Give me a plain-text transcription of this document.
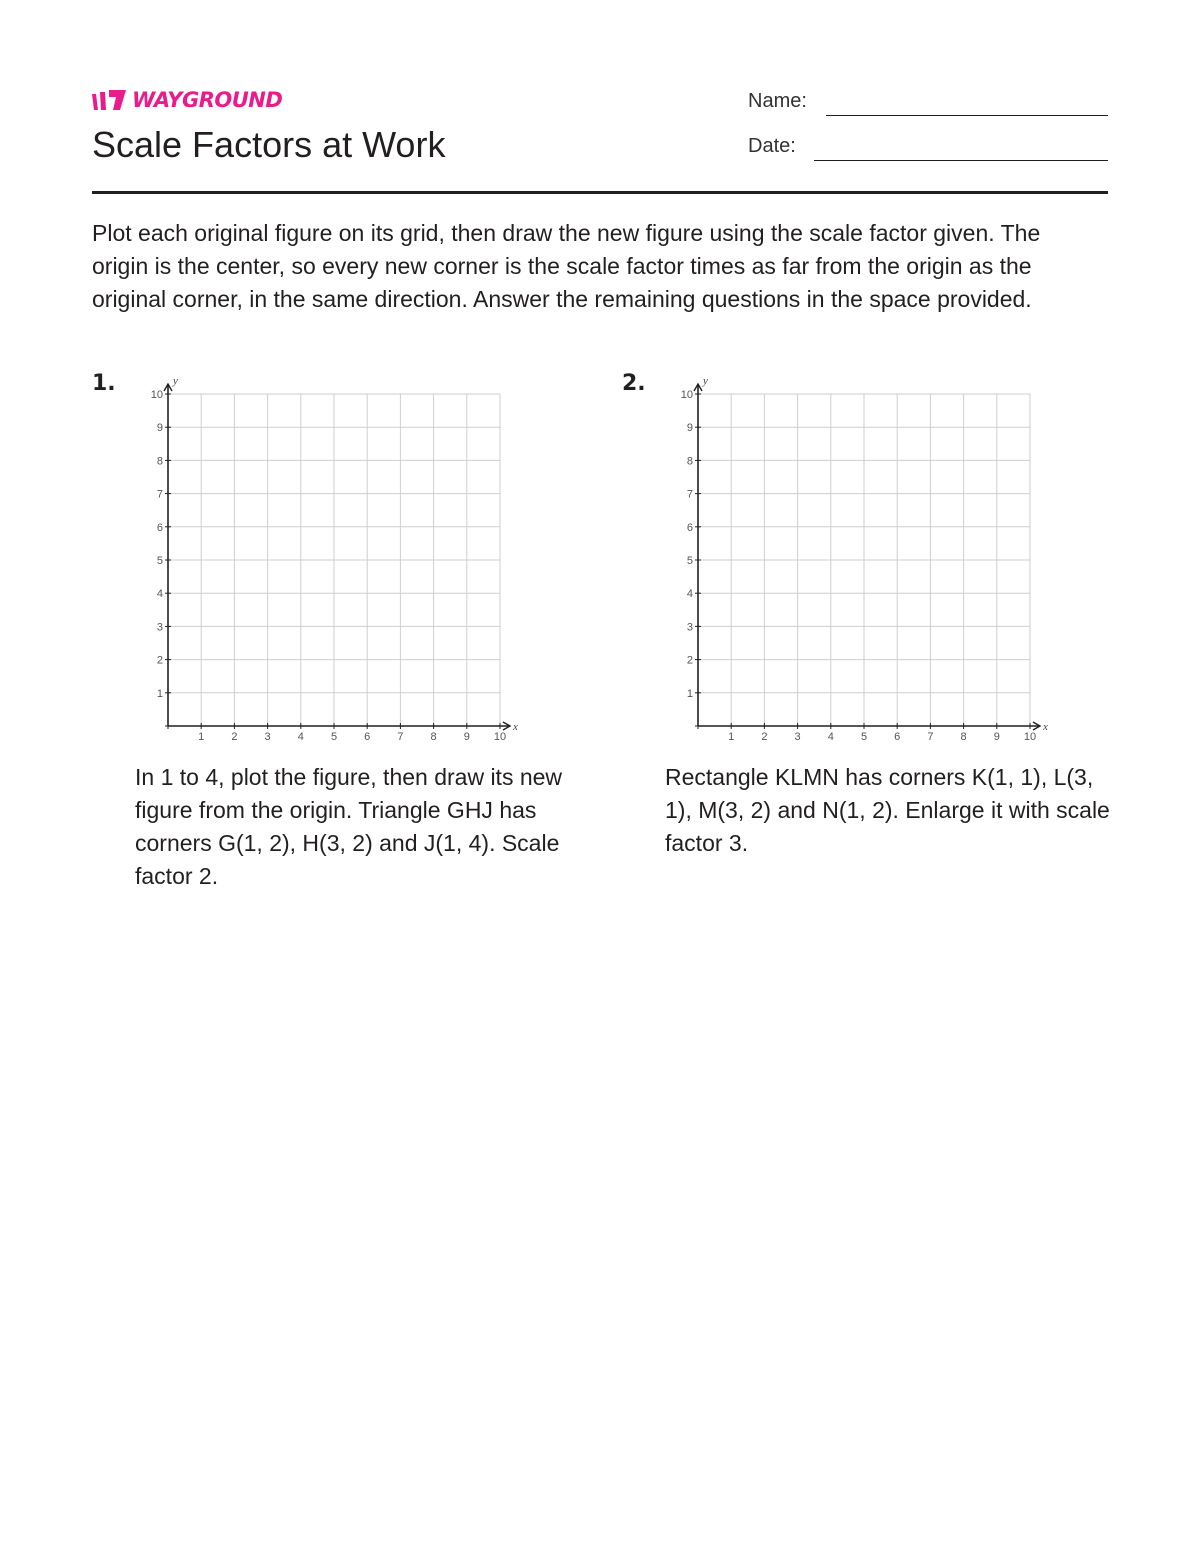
WAYGROUND
Scale Factors at Work
Name:
Date:
Plot each original figure on its grid, then draw the new figure using the scale factor given. The origin is the center, so every new corner is the scale factor times as far from the origin as the original corner, in the same direction. Answer the remaining questions in the space provided.
1.
1 2 3 4 5 6 7 8 9 10
1
2
3
4
5
6
7
8
9
10
x
y
In 1 to 4, plot the figure, then draw its new figure from the origin. Triangle GHJ has corners G(1, 2), H(3, 2) and J(1, 4). Scale factor 2.
2.
1 2 3 4 5 6 7 8 9 10
1
2
3
4
5
6
7
8
9
10
x
y
Rectangle KLMN has corners K(1, 1), L(3, 1), M(3, 2) and N(1, 2). Enlarge it with scale factor 3.
